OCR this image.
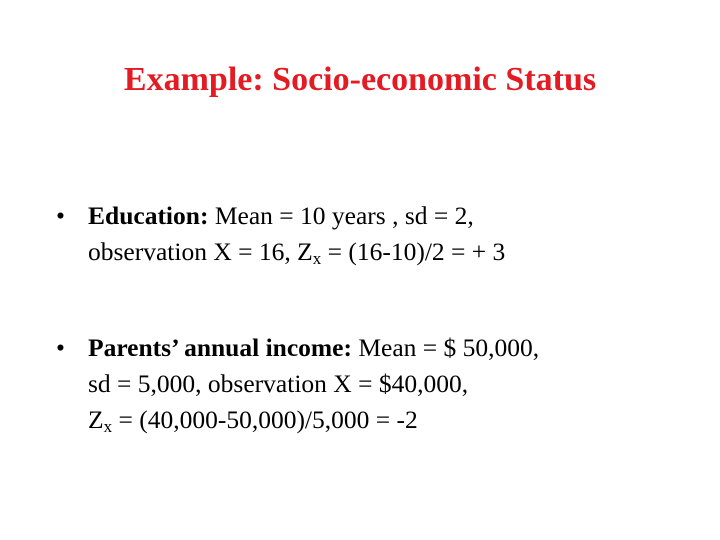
Example: Socio-economic Status
• Education: Mean = 10 years , sd = 2,
observation X = 16, $Z_x = (16-10)/2$ = + 3
• Parents’ annual income: Mean = $ 50,000,
sd = 5,000, observation X = $40,000,
$Z_x = (40,000-50,000)/5,000 = -2$
